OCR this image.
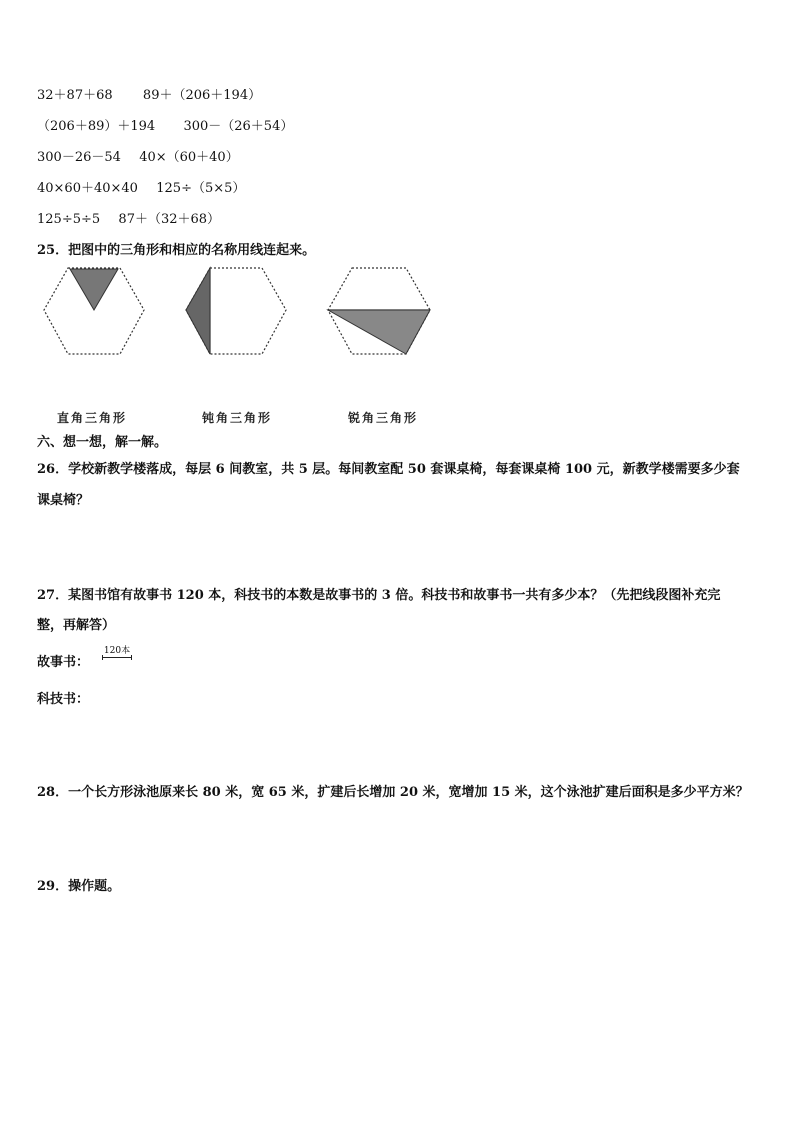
32＋87＋68 89＋（206＋194）
（206＋89）＋194 300－（26＋54）
300－26－54 40×（60＋40）
40×60＋40×40 125÷（5×5）
125÷5÷5 87＋（32＋68）
25．把图中的三角形和相应的名称用线连起来。
直角三角形	钝角三角形	锐角三角形
六、想一想，解一解。
26．学校新教学楼落成，每层 6 间教室，共 5 层。每间教室配 50 套课桌椅，每套课桌椅 100 元，新教学楼需要多少套
课桌椅？
27．某图书馆有故事书 120 本，科技书的本数是故事书的 3 倍。科技书和故事书一共有多少本？（先把线段图补充完
整，再解答）
故事书：
120本
科技书：
28．一个长方形泳池原来长 80 米，宽 65 米，扩建后长增加 20 米，宽增加 15 米，这个泳池扩建后面积是多少平方米？
29．操作题。
